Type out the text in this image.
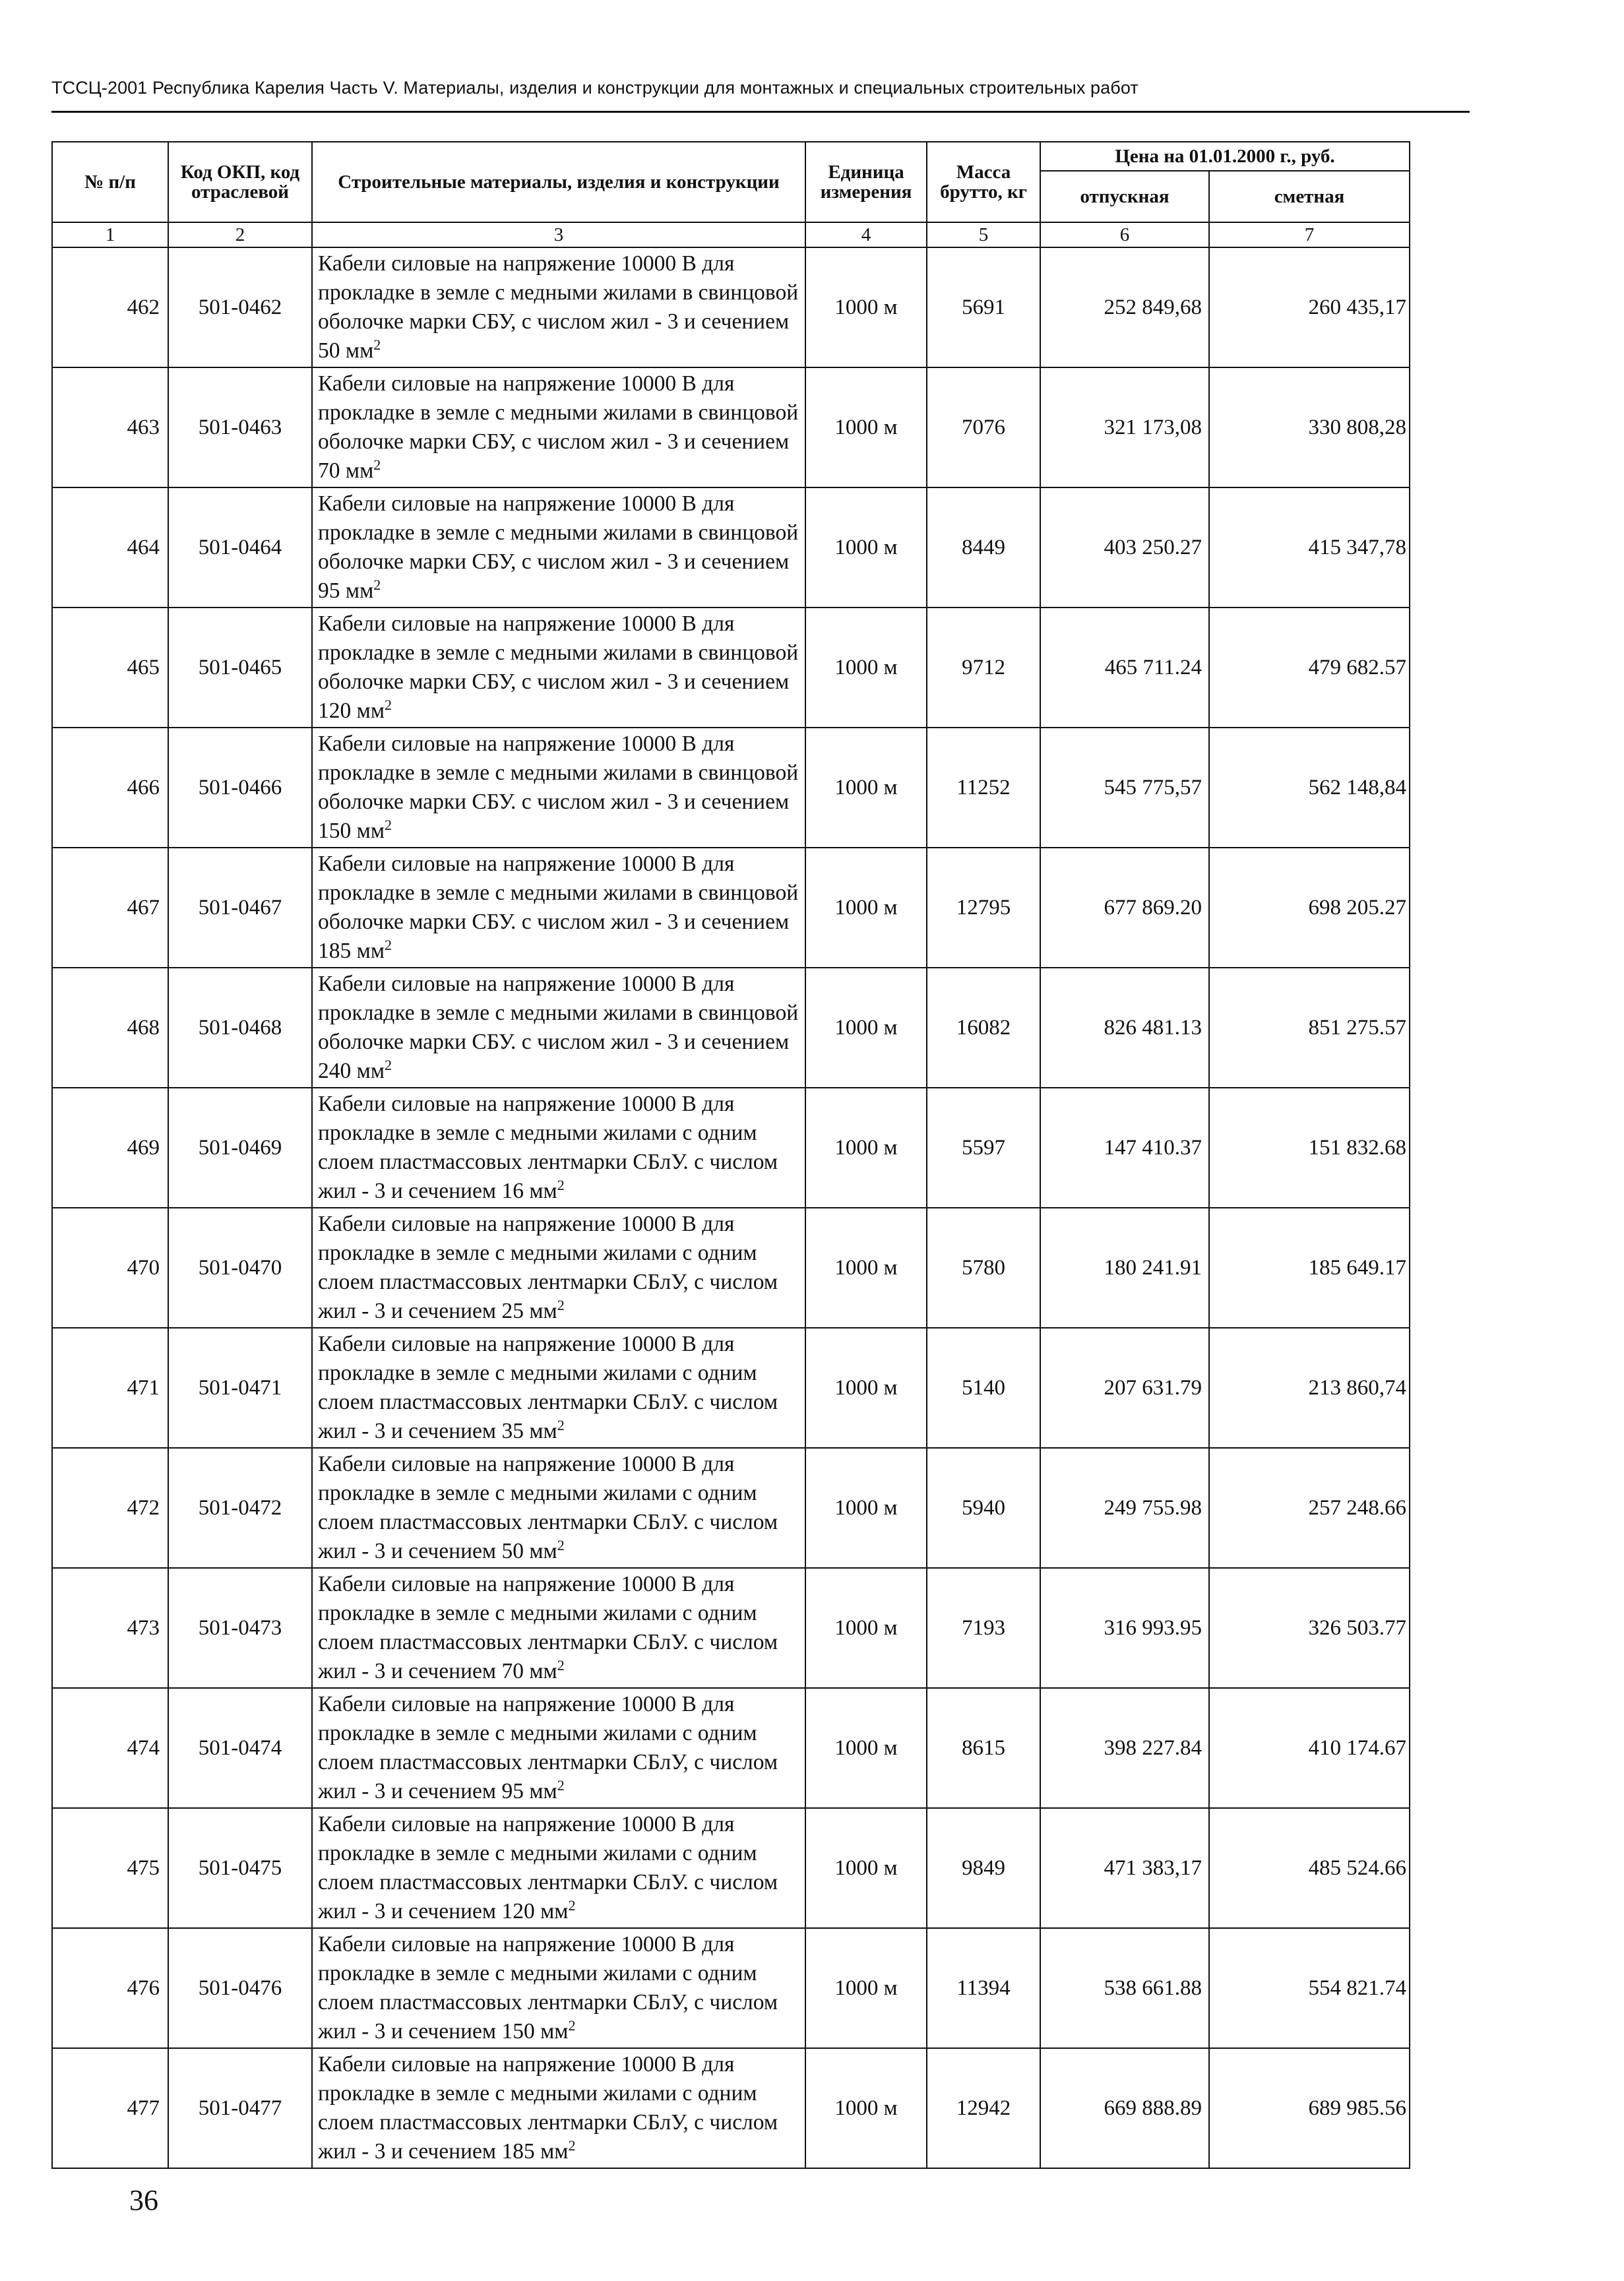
ТССЦ-2001 Республика Карелия Часть V. Материалы, изделия и конструкции для монтажных и специальных строительных работ
№ п/п	Код ОКП, код отраслевой	Строительные материалы, изделия и конструкции	Единица измерения	Масса брутто, кг	Цена на 01.01.2000 г., руб.	
					отпускная	сметная
1	2	3	4	5	6	7
462	501-0462	Кабели силовые на напряжение 10000 В для прокладке в земле с медными жилами в свинцовой оболочке марки СБУ, с числом жил - 3 и сечением 50 $мм^2$	1000 м	5691	252 849,68	260 435,17
463	501-0463	Кабели силовые на напряжение 10000 В для прокладке в земле с медными жилами в свинцовой оболочке марки СБУ, с числом жил - 3 и сечением 70 $мм^2$	1000 м	7076	321 173,08	330 808,28
464	501-0464	Кабели силовые на напряжение 10000 В для прокладке в земле с медными жилами в свинцовой оболочке марки СБУ, с числом жил - 3 и сечением 95 $мм^2$	1000 м	8449	403 250.27	415 347,78
465	501-0465	Кабели силовые на напряжение 10000 В для прокладке в земле с медными жилами в свинцовой оболочке марки СБУ, с числом жил - 3 и сечением 120 $мм^2$	1000 м	9712	465 711.24	479 682.57
466	501-0466	Кабели силовые на напряжение 10000 В для прокладке в земле с медными жилами в свинцовой оболочке марки СБУ. с числом жил - 3 и сечением 150 $мм^2$	1000 м	11252	545 775,57	562 148,84
467	501-0467	Кабели силовые на напряжение 10000 В для прокладке в земле с медными жилами в свинцовой оболочке марки СБУ. с числом жил - 3 и сечением 185 $мм^2$	1000 м	12795	677 869.20	698 205.27
468	501-0468	Кабели силовые на напряжение 10000 В для прокладке в земле с медными жилами в свинцовой оболочке марки СБУ. с числом жил - 3 и сечением 240 $мм^2$	1000 м	16082	826 481.13	851 275.57
469	501-0469	Кабели силовые на напряжение 10000 В для прокладке в земле с медными жилами с одним слоем пластмассовых лентмарки СБлУ. с числом жил - 3 и сечением 16 $мм^2$	1000 м	5597	147 410.37	151 832.68
470	501-0470	Кабели силовые на напряжение 10000 В для прокладке в земле с медными жилами с одним слоем пластмассовых лентмарки СБлУ, с числом жил - 3 и сечением 25 $мм^2$	1000 м	5780	180 241.91	185 649.17
471	501-0471	Кабели силовые на напряжение 10000 В для прокладке в земле с медными жилами с одним слоем пластмассовых лентмарки СБлУ. с числом жил - 3 и сечением 35 $мм^2$	1000 м	5140	207 631.79	213 860,74
472	501-0472	Кабели силовые на напряжение 10000 В для прокладке в земле с медными жилами с одним слоем пластмассовых лентмарки СБлУ. с числом жил - 3 и сечением 50 $мм^2$	1000 м	5940	249 755.98	257 248.66
473	501-0473	Кабели силовые на напряжение 10000 В для прокладке в земле с медными жилами с одним слоем пластмассовых лентмарки СБлУ. с числом жил - 3 и сечением 70 $мм^2$	1000 м	7193	316 993.95	326 503.77
474	501-0474	Кабели силовые на напряжение 10000 В для прокладке в земле с медными жилами с одним слоем пластмассовых лентмарки СБлУ, с числом жил - 3 и сечением 95 $мм^2$	1000 м	8615	398 227.84	410 174.67
475	501-0475	Кабели силовые на напряжение 10000 В для прокладке в земле с медными жилами с одним слоем пластмассовых лентмарки СБлУ. с числом жил - 3 и сечением 120 $мм^2$	1000 м	9849	471 383,17	485 524.66
476	501-0476	Кабели силовые на напряжение 10000 В для прокладке в земле с медными жилами с одним слоем пластмассовых лентмарки СБлУ, с числом жил - 3 и сечением 150 $мм^2$	1000 м	11394	538 661.88	554 821.74
477	501-0477	Кабели силовые на напряжение 10000 В для прокладке в земле с медными жилами с одним слоем пластмассовых лентмарки СБлУ, с числом жил - 3 и сечением 185 $мм^2$	1000 м	12942	669 888.89	689 985.56
36
